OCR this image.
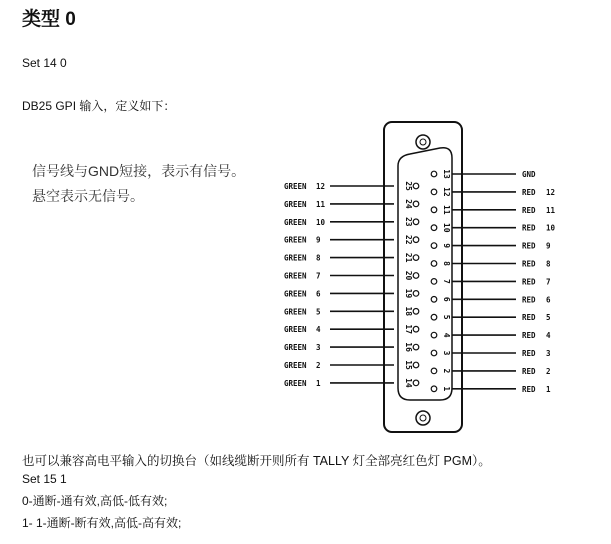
类型 0
Set 14 0
DB25 GPI 输入，定义如下：
信号线与GND短接，表示有信号。
悬空表示无信号。
GREEN 12
GREEN 11
GREEN 10
GREEN 9
GREEN 8
GREEN 7
GREEN 6
GREEN 5
GREEN 4
GREEN 3
GREEN 2
GREEN 1
GND
RED 12
RED 11
RED 10
RED 9
RED 8
RED 7
RED 6
RED 5
RED 4
RED 3
RED 2
RED 1
13
12
11
10
9
8
7
6
5
4
3
2
1
25
24
23
22
21
20
19
18
17
16
15
14
也可以兼容高电平输入的切换台（如线缆断开则所有 TALLY 灯全部亮红色灯 PGM）。
Set 15 1
0-通断-通有效,高低-低有效;
1- 1-通断-断有效,高低-高有效;
